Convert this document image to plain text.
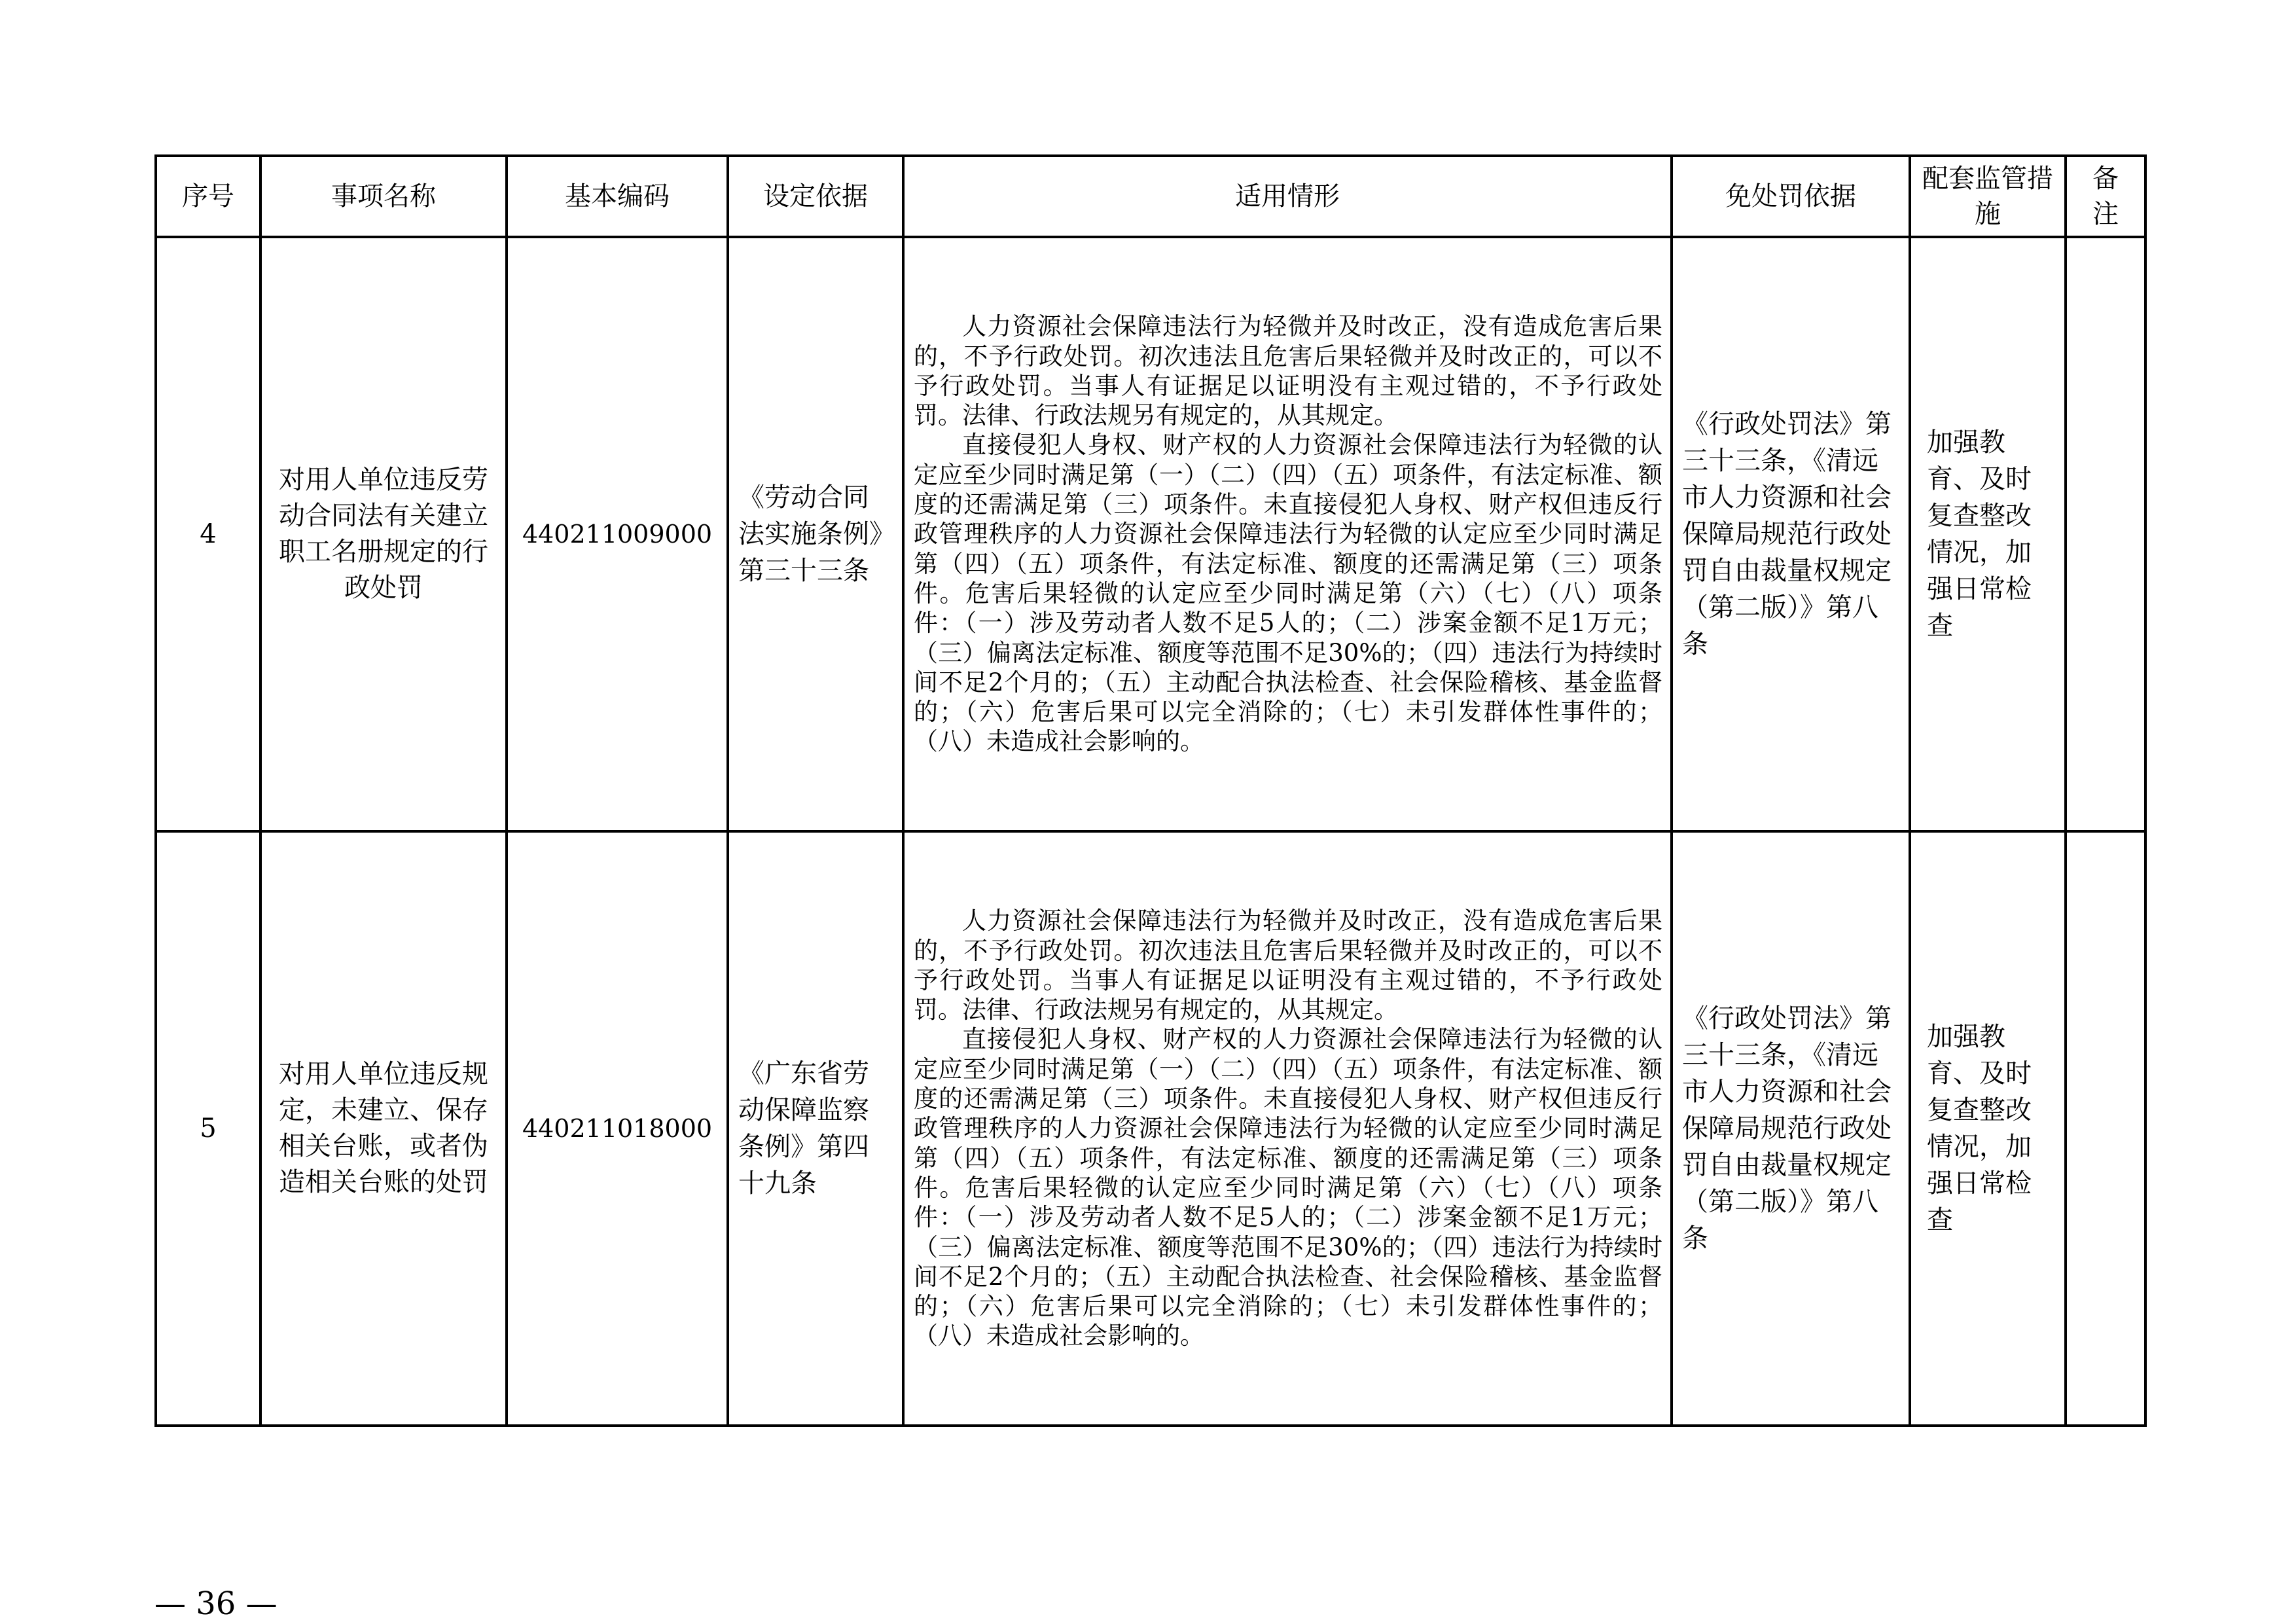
序号	事项名称	基本编码	设定依据	适用情形	免处罚依据	配套监管措施	备注
4	对用人单位违反劳动合同法有关建立职工名册规定的行政处罚	440211009000	《劳动合同法实施条例》第三十三条	人力资源社会保障违法行为轻微并及时改正，没有造成危害后果的，不予行政处罚。初次违法且危害后果轻微并及时改正的，可以不予行政处罚。当事人有证据足以证明没有主观过错的，不予行政处罚。法律、行政法规另有规定的，从其规定。

直接侵犯人身权、财产权的人力资源社会保障违法行为轻微的认定应至少同时满足第（一）（二）（四）（五）项条件，有法定标准、额度的还需满足第（三）项条件。未直接侵犯人身权、财产权但违反行政管理秩序的人力资源社会保障违法行为轻微的认定应至少同时满足第（四）（五）项条件，有法定标准、额度的还需满足第（三）项条件。危害后果轻微的认定应至少同时满足第（六）（七）（八）项条件：（一）涉及劳动者人数不足5人的；（二）涉案金额不足1万元；（三）偏离法定标准、额度等范围不足30%的；（四）违法行为持续时间不足2个月的；（五）主动配合执法检查、社会保险稽核、基金监督的；（六）危害后果可以完全消除的；（七）未引发群体性事件的；（八）未造成社会影响的。	《行政处罚法》第三十三条，《清远市人力资源和社会保障局规范行政处罚自由裁量权规定（第二版）》第八条	加强教育、及时复查整改情况，加强日常检查	
5	对用人单位违反规定，未建立、保存相关台账，或者伪造相关台账的处罚	440211018000	《广东省劳动保障监察条例》第四十九条	人力资源社会保障违法行为轻微并及时改正，没有造成危害后果的，不予行政处罚。初次违法且危害后果轻微并及时改正的，可以不予行政处罚。当事人有证据足以证明没有主观过错的，不予行政处罚。法律、行政法规另有规定的，从其规定。

直接侵犯人身权、财产权的人力资源社会保障违法行为轻微的认定应至少同时满足第（一）（二）（四）（五）项条件，有法定标准、额度的还需满足第（三）项条件。未直接侵犯人身权、财产权但违反行政管理秩序的人力资源社会保障违法行为轻微的认定应至少同时满足第（四）（五）项条件，有法定标准、额度的还需满足第（三）项条件。危害后果轻微的认定应至少同时满足第（六）（七）（八）项条件：（一）涉及劳动者人数不足5人的；（二）涉案金额不足1万元；（三）偏离法定标准、额度等范围不足30%的；（四）违法行为持续时间不足2个月的；（五）主动配合执法检查、社会保险稽核、基金监督的；（六）危害后果可以完全消除的；（七）未引发群体性事件的；（八）未造成社会影响的。	《行政处罚法》第三十三条，《清远市人力资源和社会保障局规范行政处罚自由裁量权规定（第二版）》第八条	加强教育、及时复查整改情况，加强日常检查	
— 36 —
